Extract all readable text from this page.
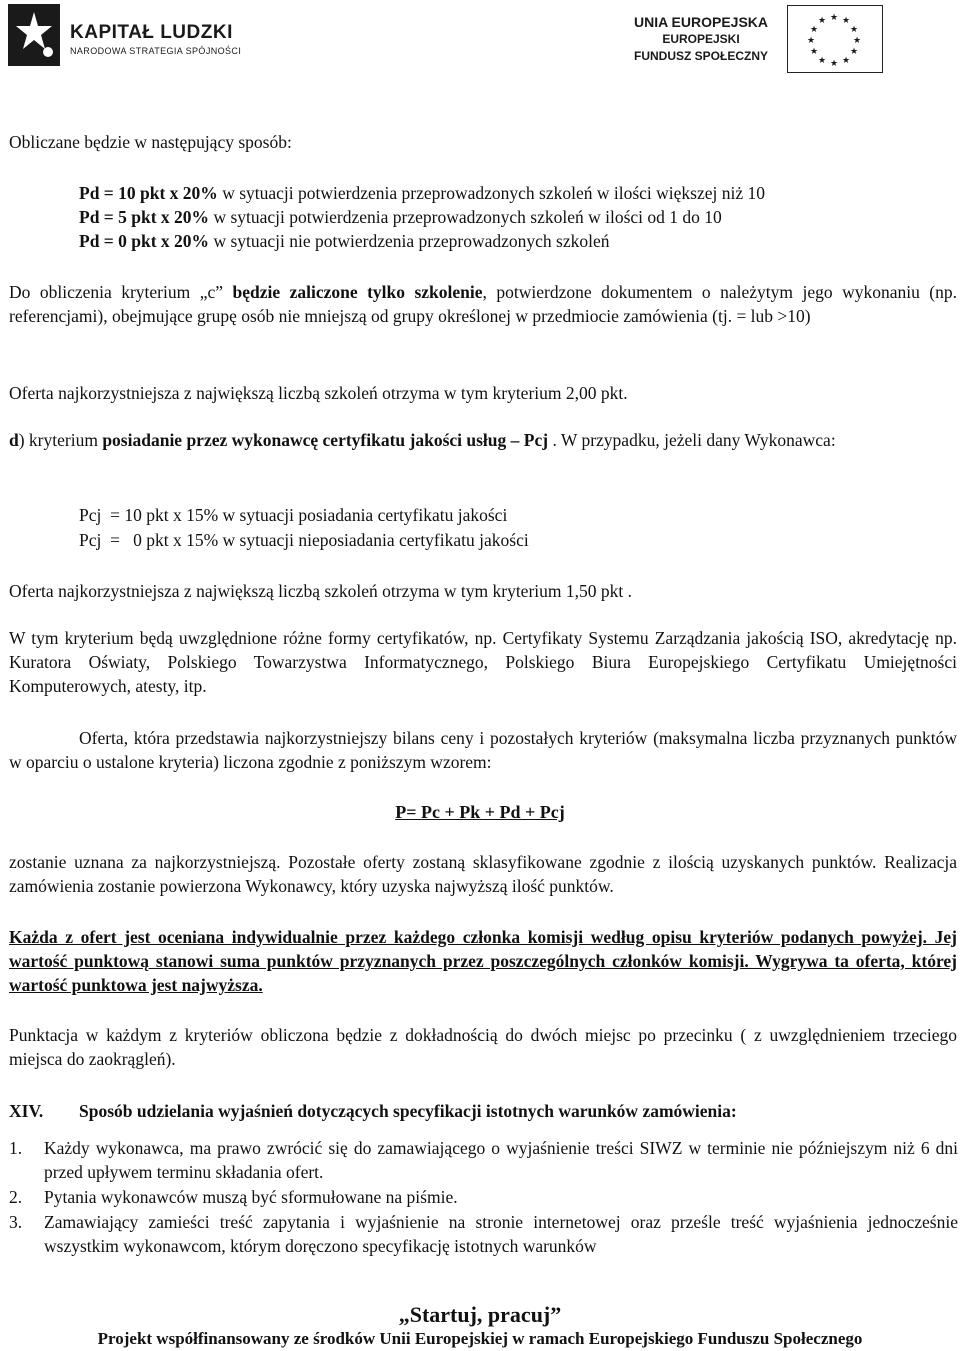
KAPITAŁ LUDZKI
NARODOWA STRATEGIA SPÓJNOŚCI
UNIA EUROPEJSKA
EUROPEJSKI
FUNDUSZ SPOŁECZNY
★ ★
★
★
★
★
★
★
★
★
★
★

Obliczane będzie w następujący sposób:

Pd = 10 pkt x 20% w sytuacji potwierdzenia przeprowadzonych szkoleń w ilości większej niż 10

Pd = 5 pkt x 20% w sytuacji potwierdzenia przeprowadzonych szkoleń w ilości od 1 do 10

Pd = 0 pkt x 20% w sytuacji nie potwierdzenia przeprowadzonych szkoleń

Do obliczenia kryterium „c” będzie zaliczone tylko szkolenie, potwierdzone dokumentem o należytym jego wykonaniu (np. referencjami), obejmujące grupę osób nie mniejszą od grupy określonej w przedmiocie zamówienia (tj. = lub >10)

Oferta najkorzystniejsza z największą liczbą szkoleń otrzyma w tym kryterium 2,00 pkt.

d) kryterium posiadanie przez wykonawcę certyfikatu jakości usług – Pcj . W przypadku, jeżeli dany Wykonawca:

Pcj  = 10 pkt x 15% w sytuacji posiadania certyfikatu jakości

Pcj  =   0 pkt x 15% w sytuacji nieposiadania certyfikatu jakości

Oferta najkorzystniejsza z największą liczbą szkoleń otrzyma w tym kryterium 1,50 pkt .

W tym kryterium będą uwzględnione różne formy certyfikatów, np. Certyfikaty Systemu Zarządzania jakością ISO, akredytację np. Kuratora Oświaty, Polskiego Towarzystwa Informatycznego, Polskiego Biura Europejskiego Certyfikatu Umiejętności Komputerowych, atesty, itp.

Oferta, która przedstawia najkorzystniejszy bilans ceny i pozostałych kryteriów (maksymalna liczba przyznanych punktów w oparciu o ustalone kryteria) liczona zgodnie z poniższym wzorem:

P= Pc + Pk + Pd + Pcj

zostanie uznana za najkorzystniejszą. Pozostałe oferty zostaną sklasyfikowane zgodnie z ilością uzyskanych punktów. Realizacja zamówienia zostanie powierzona Wykonawcy, który uzyska najwyższą ilość punktów.

Każda z ofert jest oceniana indywidualnie przez każdego członka komisji według opisu kryteriów podanych powyżej. Jej wartość punktową stanowi suma punktów przyznanych przez poszczególnych członków komisji. Wygrywa ta oferta, której wartość punktowa jest najwyższa.

Punktacja w każdym z kryteriów obliczona będzie z dokładnością do dwóch miejsc po przecinku ( z uwzględnieniem trzeciego miejsca do zaokrągleń).

XIV. Sposób udzielania wyjaśnień dotyczących specyfikacji istotnych warunków zamówienia:

1. Każdy wykonawca, ma prawo zwrócić się do zamawiającego o wyjaśnienie treści SIWZ w terminie nie późniejszym niż 6 dni przed upływem terminu składania ofert.
2. Pytania wykonawców muszą być sformułowane na piśmie.
3. Zamawiający zamieści treść zapytania i wyjaśnienie na stronie internetowej oraz prześle treść wyjaśnienia jednocześnie wszystkim wykonawcom, którym doręczono specyfikację istotnych warunków
„Startuj, pracuj”
Projekt współfinansowany ze środków Unii Europejskiej w ramach Europejskiego Funduszu Społecznego
